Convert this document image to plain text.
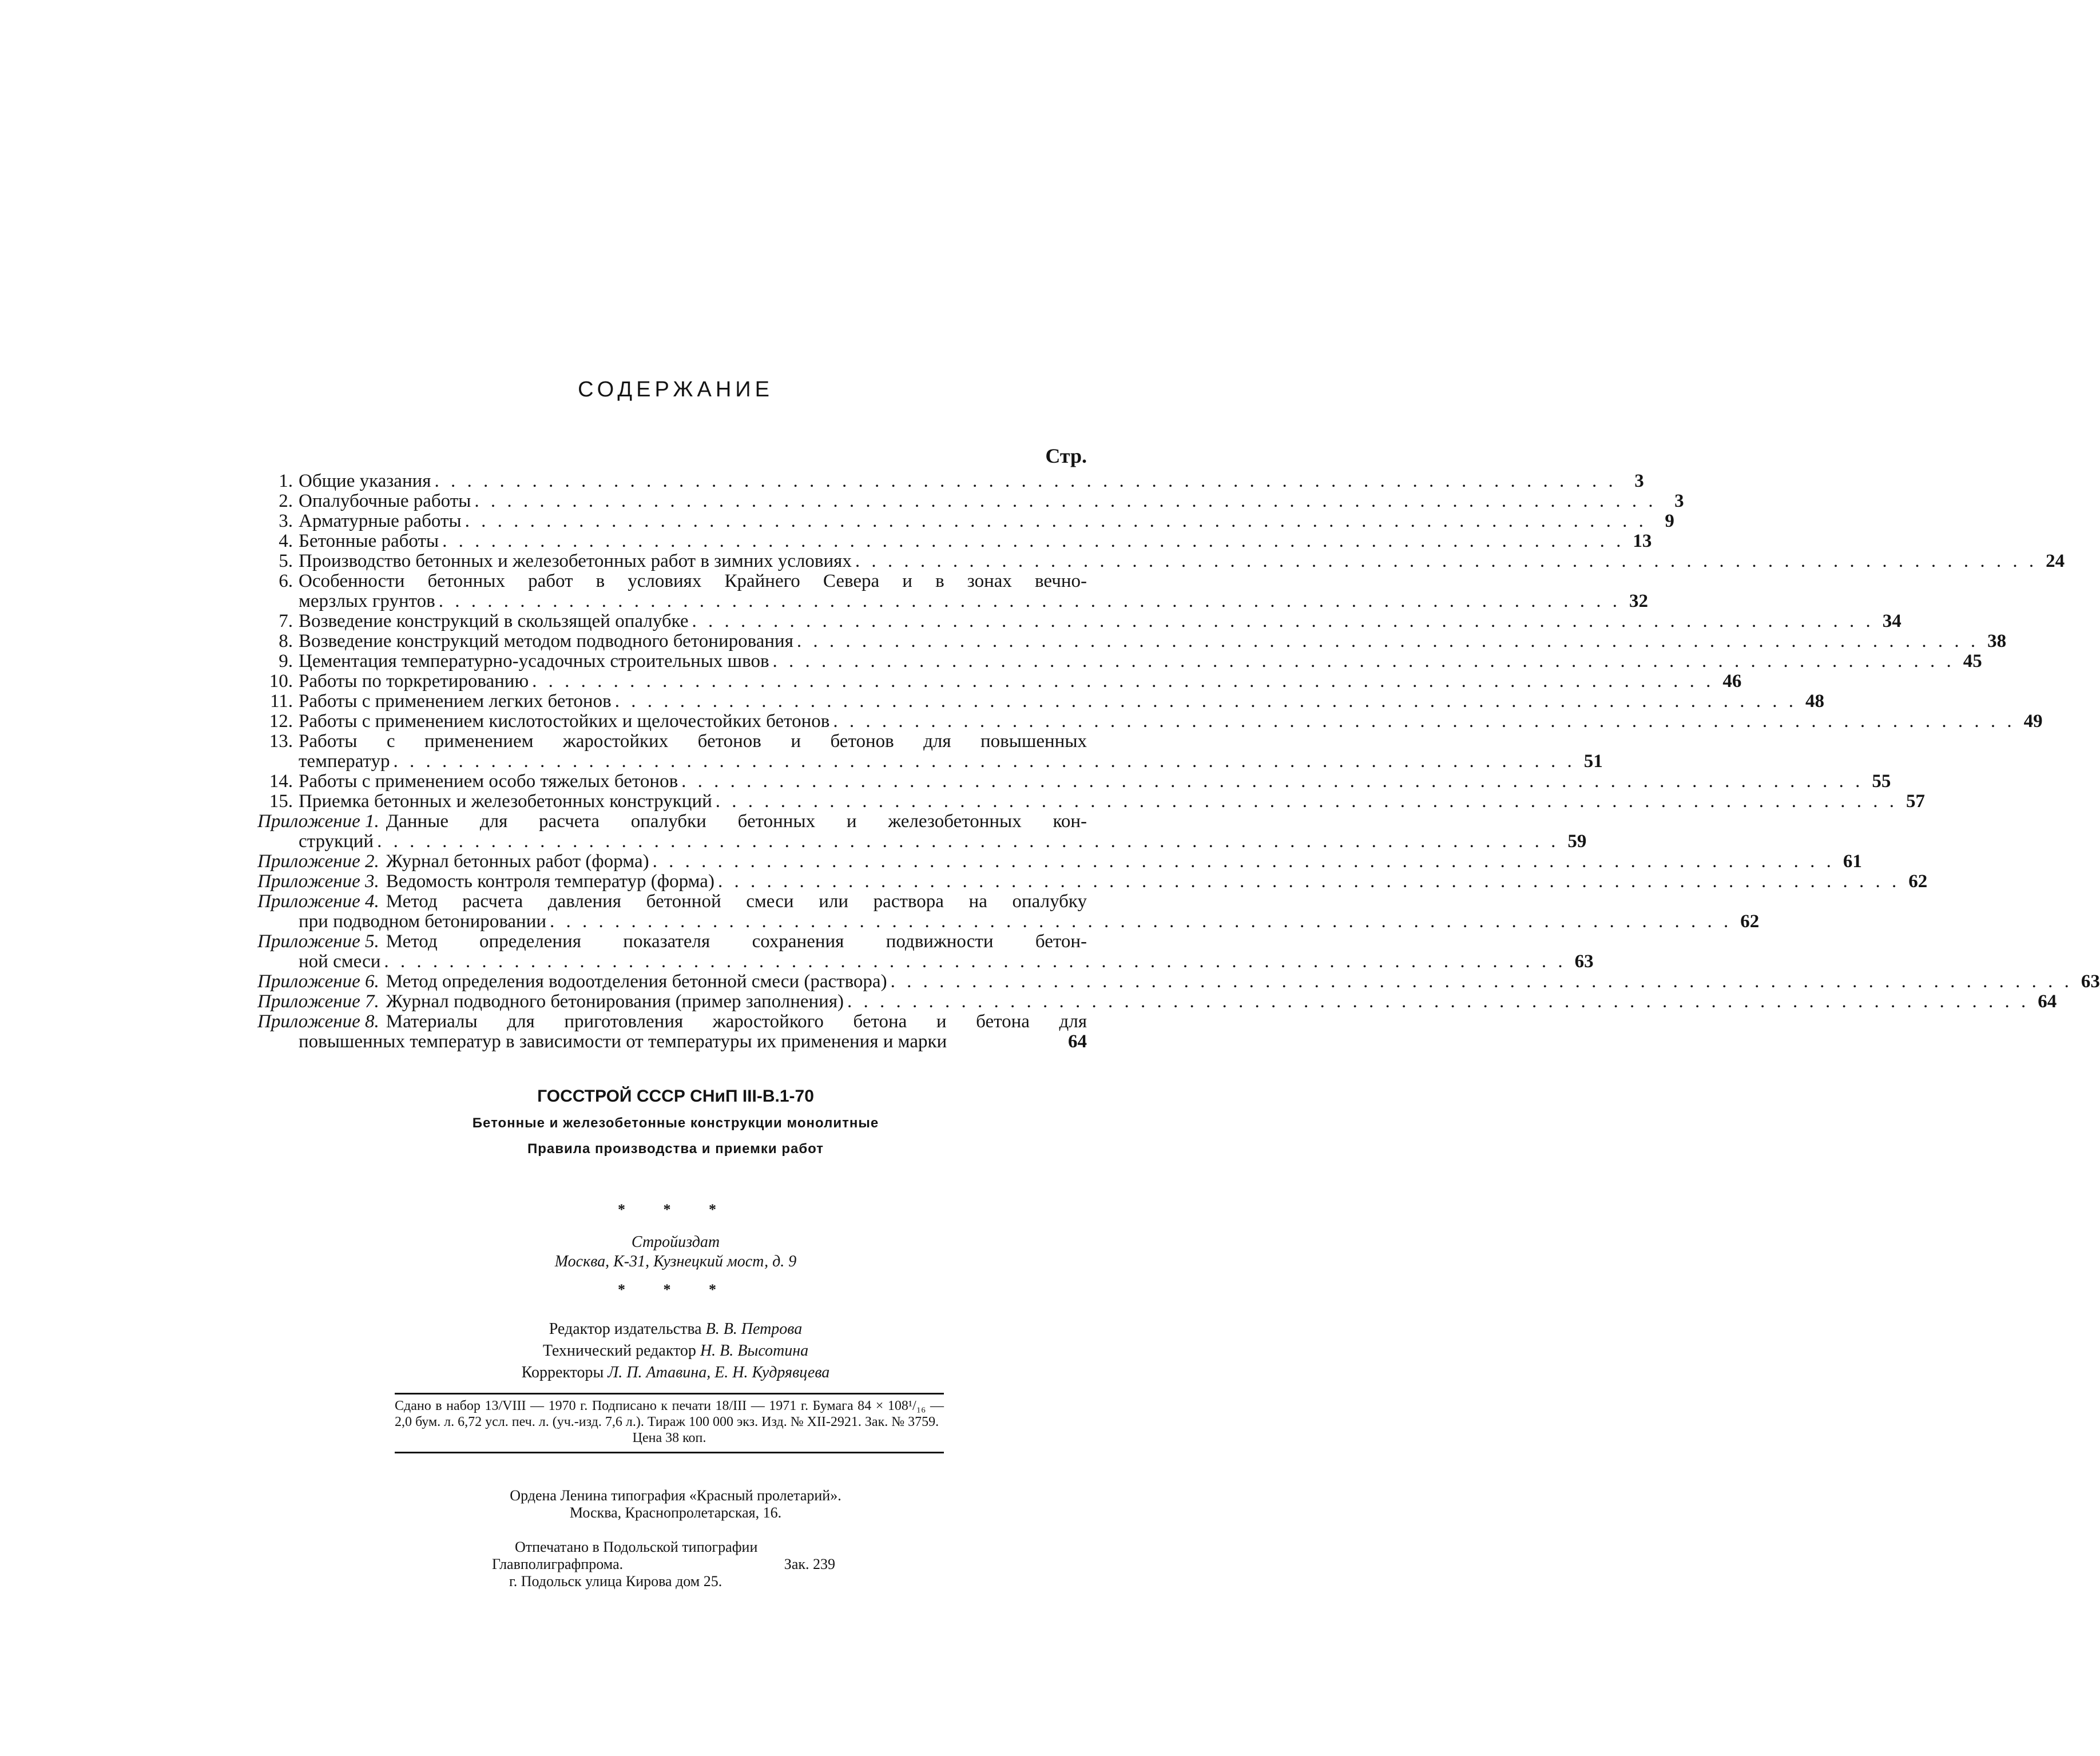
СОДЕРЖАНИЕ
Стр.
1. Общие указания . . .	3
2. Опалубочные работы . . .	3
3. Арматурные работы . . .	9
4. Бетонные работы . . .	13
5. Производство бетонных и железобетонных работ в зимних условиях . . .	24
6. Особенности бетонных работ в условиях Крайнего Севера и в зонах вечно-
мерзлых грунтов . . .	32
7. Возведение конструкций в скользящей опалубке . . .	34
8. Возведение конструкций методом подводного бетонирования . . .	38
9. Цементация температурно-усадочных строительных швов . . .	45
10. Работы по торкретированию . . .	46
11. Работы с применением легких бетонов . . .	48
12. Работы с применением кислотостойких и щелочестойких бетонов . . .	49
13. Работы с применением жаростойких бетонов и бетонов для повышенных
температур . . .	51
14. Работы с применением особо тяжелых бетонов . . .	55
15. Приемка бетонных и железобетонных конструкций . . .	57
Приложение 1. Данные для расчета опалубки бетонных и железобетонных кон-
струкций . . .	59
Приложение 2. Журнал бетонных работ (форма) . . .	61
Приложение 3. Ведомость контроля температур (форма) . . .	62
Приложение 4. Метод расчета давления бетонной смеси или раствора на опалубку
при подводном бетонировании . . .	62
Приложение 5. Метод определения показателя сохранения подвижности бетон-
ной смеси . . .	63
Приложение 6. Метод определения водоотделения бетонной смеси (раствора) . . .	63
Приложение 7. Журнал подводного бетонирования (пример заполнения) . . .	64
Приложение 8. Материалы для приготовления жаростойкого бетона и бетона для
повышенных температур в зависимости от температуры их применения и марки	64
ГОССТРОЙ СССР СНиП III-В.1-70
Бетонные и железобетонные конструкции монолитные
Правила производства и приемки работ
* * *
Стройиздат
Москва, К-31, Кузнецкий мост, д. 9
* * *
Редактор издательства В. В. Петрова
Технический редактор Н. В. Высотина
Корректоры Л. П. Атавина, Е. Н. Кудрявцева
Сдано в набор 13/VIII — 1970 г. Подписано к печати 18/III — 1971 г. Бумага 84 × 108¹/₁₆ — 2,0 бум. л. 6,72 усл. печ. л. (уч.-изд. 7,6 л.). Тираж 100 000 экз. Изд. № XII-2921. Зак. № 3759.
Цена 38 коп.
Ордена Ленина типография «Красный пролетарий».
Москва, Краснопролетарская, 16.
Отпечатано в Подольской типографии
Главполиграфпрома.	Зак. 239
г. Подольск улица Кирова дом 25.
